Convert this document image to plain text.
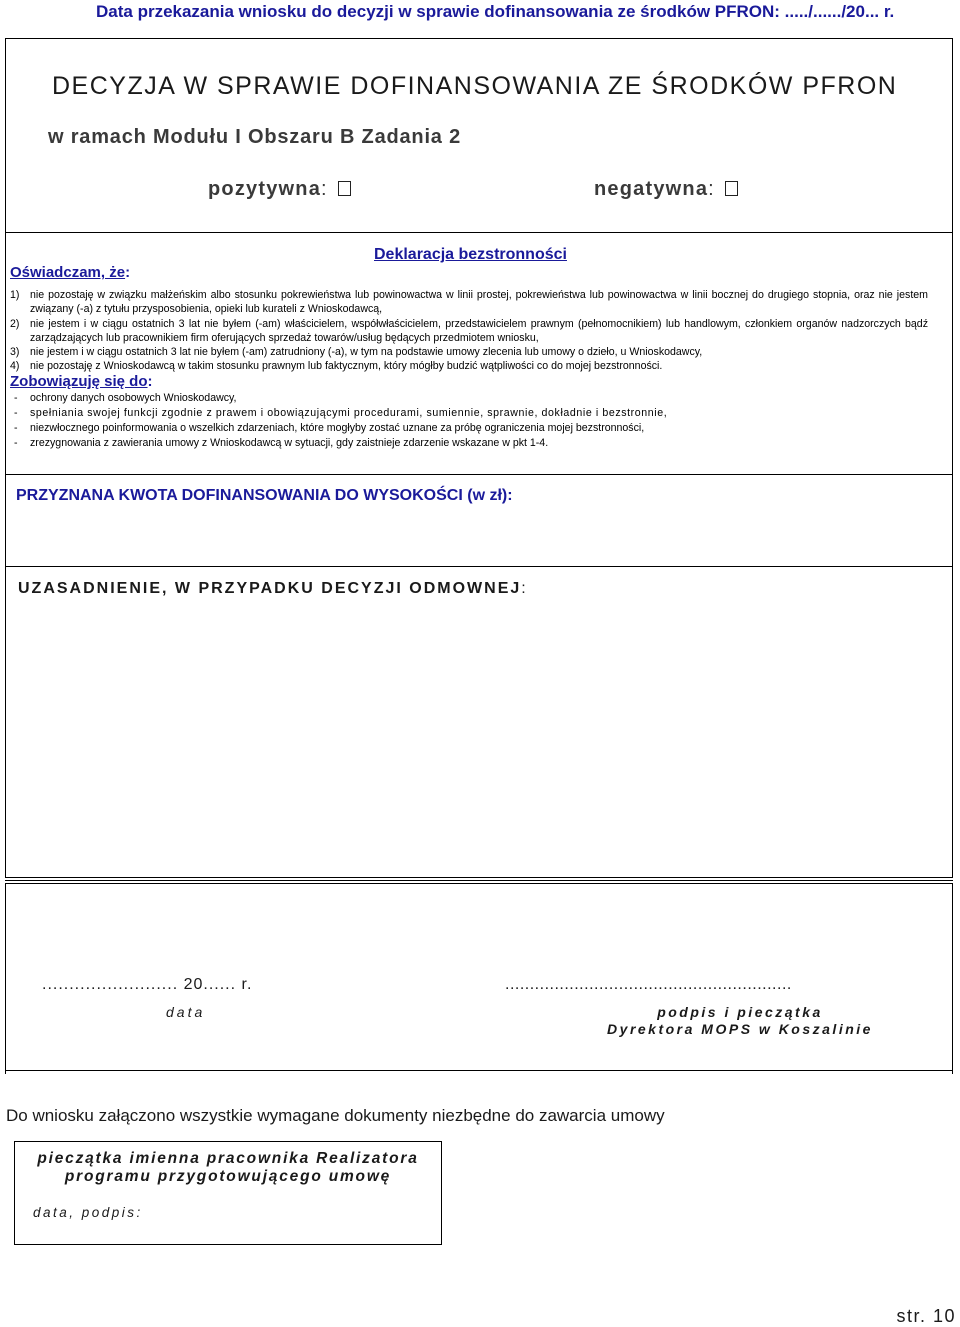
Data przekazania wniosku do decyzji w sprawie dofinansowania ze środków PFRON: ...../....../20... r.
DECYZJA W SPRAWIE DOFINANSOWANIA ZE ŚRODKÓW PFRON
w ramach Modułu I Obszaru B Zadania 2
pozytywna:	negatywna:
Deklaracja bezstronności
Oświadczam, że:
1) nie pozostaję w związku małżeńskim albo stosunku pokrewieństwa lub powinowactwa w linii prostej, pokrewieństwa lub powinowactwa w linii bocznej do drugiego stopnia, oraz nie jestem związany (-a) z tytułu przysposobienia, opieki lub kurateli z Wnioskodawcą,
2) nie jestem i w ciągu ostatnich 3 lat nie byłem (-am) właścicielem, współwłaścicielem, przedstawicielem prawnym (pełnomocnikiem) lub handlowym, członkiem organów nadzorczych bądź zarządzających lub pracownikiem firm oferujących sprzedaż towarów/usług będących przedmiotem wniosku,
3) nie jestem i w ciągu ostatnich 3 lat nie byłem (-am) zatrudniony (-a), w tym na podstawie umowy zlecenia lub umowy o dzieło, u Wnioskodawcy,
4) nie pozostaję z Wnioskodawcą w takim stosunku prawnym lub faktycznym, który mógłby budzić wątpliwości co do mojej bezstronności.
Zobowiązuję się do:
-	ochrony danych osobowych Wnioskodawcy,
-	spełniania swojej funkcji zgodnie z prawem i obowiązującymi procedurami, sumiennie, sprawnie, dokładnie i bezstronnie,
-	niezwłocznego poinformowania o wszelkich zdarzeniach, które mogłyby zostać uznane za próbę ograniczenia mojej bezstronności,
-	zrezygnowania z zawierania umowy z Wnioskodawcą w sytuacji, gdy zaistnieje zdarzenie wskazane w pkt 1-4.
PRZYZNANA KWOTA DOFINANSOWANIA DO WYSOKOŚCI (w zł):
UZASADNIENIE, W PRZYPADKU DECYZJI ODMOWNEJ:
......................... 20...... r.	..........................................................
data	podpis i pieczątka
Dyrektora MOPS w Koszalinie
Do wniosku załączono wszystkie wymagane dokumenty niezbędne do zawarcia umowy
pieczątka imienna pracownika Realizatora
programu przygotowującego umowę
data, podpis:
str. 10
